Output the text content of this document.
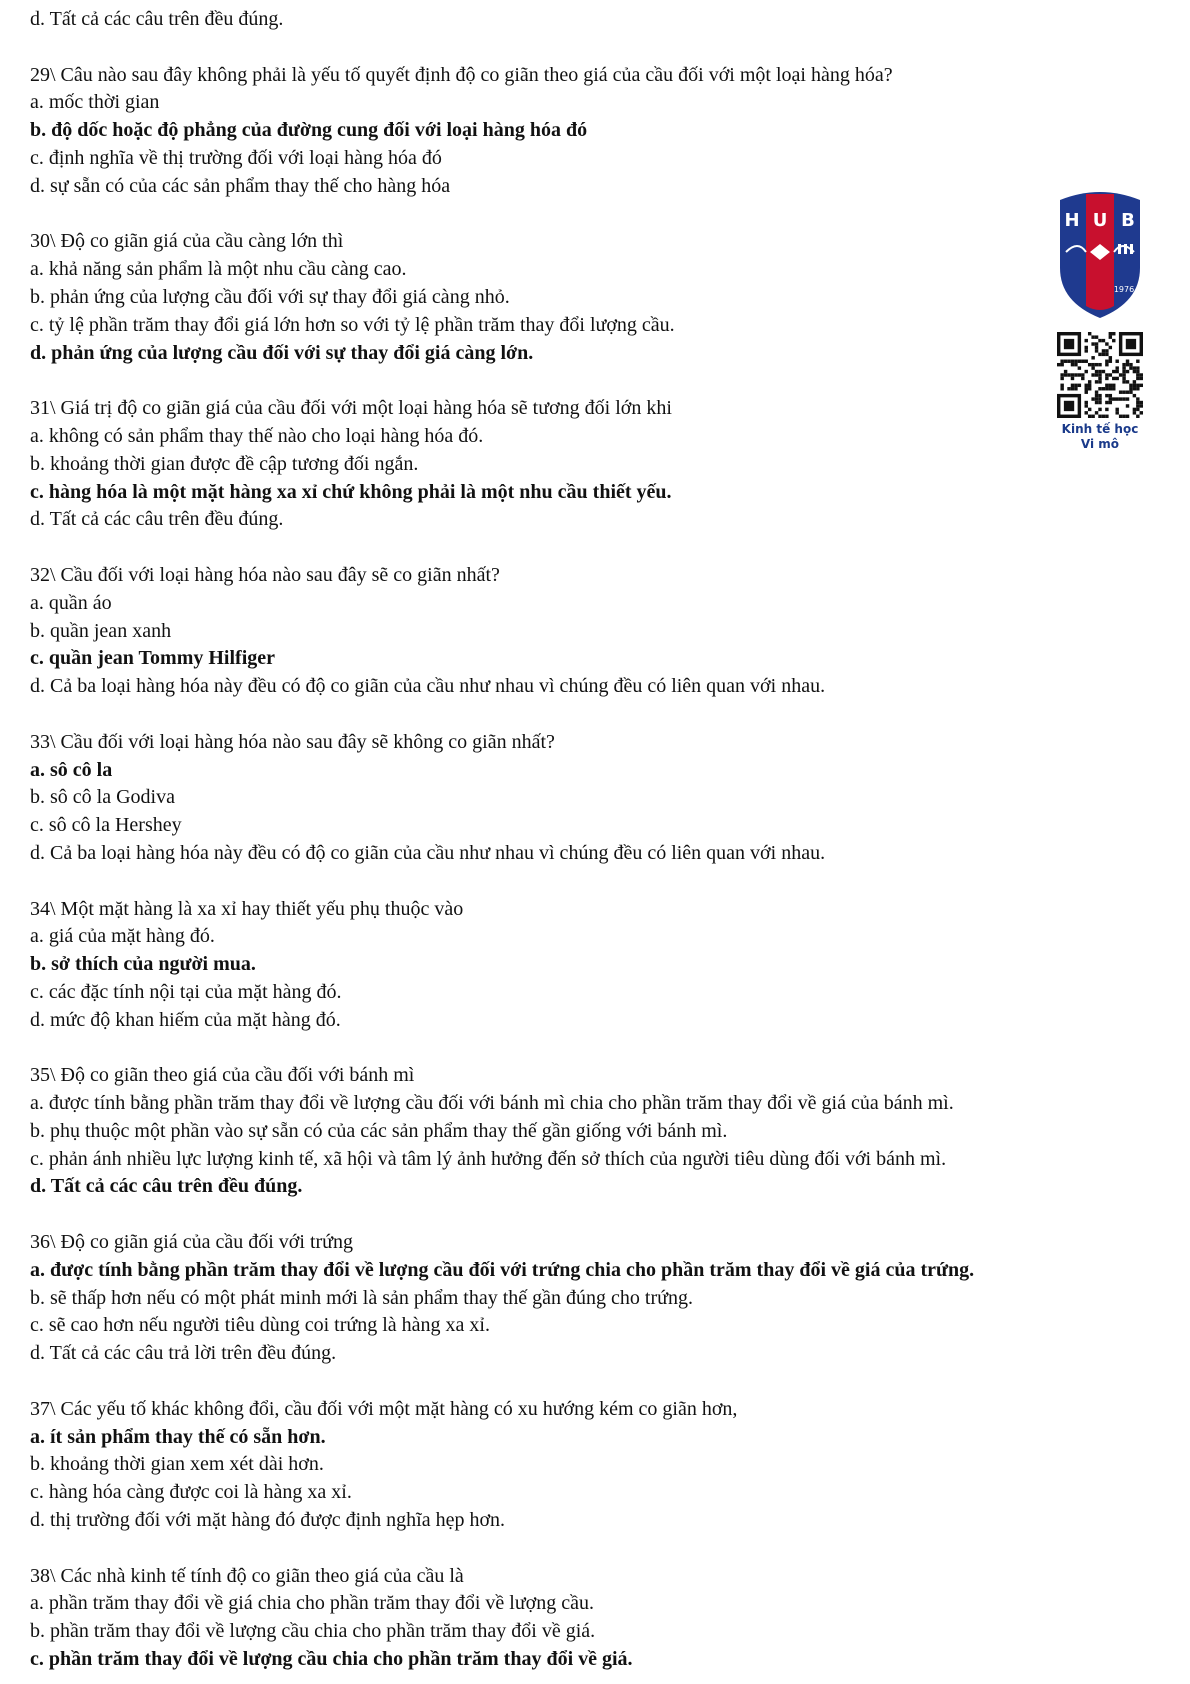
d. Tất cả các câu trên đều đúng.
29\ Câu nào sau đây không phải là yếu tố quyết định độ co giãn theo giá của cầu đối với một loại hàng hóa?
a. mốc thời gian
b. độ dốc hoặc độ phẳng của đường cung đối với loại hàng hóa đó
c. định nghĩa về thị trường đối với loại hàng hóa đó
d. sự sẵn có của các sản phẩm thay thế cho hàng hóa
30\ Độ co giãn giá của cầu càng lớn thì
a. khả năng sản phẩm là một nhu cầu càng cao.
b. phản ứng của lượng cầu đối với sự thay đổi giá càng nhỏ.
c. tỷ lệ phần trăm thay đổi giá lớn hơn so với tỷ lệ phần trăm thay đổi lượng cầu.
d. phản ứng của lượng cầu đối với sự thay đổi giá càng lớn.
31\ Giá trị độ co giãn giá của cầu đối với một loại hàng hóa sẽ tương đối lớn khi
a. không có sản phẩm thay thế nào cho loại hàng hóa đó.
b. khoảng thời gian được đề cập tương đối ngắn.
c. hàng hóa là một mặt hàng xa xỉ chứ không phải là một nhu cầu thiết yếu.
d. Tất cả các câu trên đều đúng.
32\ Cầu đối với loại hàng hóa nào sau đây sẽ co giãn nhất?
a. quần áo
b. quần jean xanh
c. quần jean Tommy Hilfiger
d. Cả ba loại hàng hóa này đều có độ co giãn của cầu như nhau vì chúng đều có liên quan với nhau.
33\ Cầu đối với loại hàng hóa nào sau đây sẽ không co giãn nhất?
a. sô cô la
b. sô cô la Godiva
c. sô cô la Hershey
d. Cả ba loại hàng hóa này đều có độ co giãn của cầu như nhau vì chúng đều có liên quan với nhau.
34\ Một mặt hàng là xa xỉ hay thiết yếu phụ thuộc vào
a. giá của mặt hàng đó.
b. sở thích của người mua.
c. các đặc tính nội tại của mặt hàng đó.
d. mức độ khan hiếm của mặt hàng đó.
35\ Độ co giãn theo giá của cầu đối với bánh mì
a. được tính bằng phần trăm thay đổi về lượng cầu đối với bánh mì chia cho phần trăm thay đổi về giá của bánh mì.
b. phụ thuộc một phần vào sự sẵn có của các sản phẩm thay thế gần giống với bánh mì.
c. phản ánh nhiều lực lượng kinh tế, xã hội và tâm lý ảnh hưởng đến sở thích của người tiêu dùng đối với bánh mì.
d. Tất cả các câu trên đều đúng.
36\ Độ co giãn giá của cầu đối với trứng
a. được tính bằng phần trăm thay đổi về lượng cầu đối với trứng chia cho phần trăm thay đổi về giá của trứng.
b. sẽ thấp hơn nếu có một phát minh mới là sản phẩm thay thế gần đúng cho trứng.
c. sẽ cao hơn nếu người tiêu dùng coi trứng là hàng xa xỉ.
d. Tất cả các câu trả lời trên đều đúng.
37\ Các yếu tố khác không đổi, cầu đối với một mặt hàng có xu hướng kém co giãn hơn,
a. ít sản phẩm thay thế có sẵn hơn.
b. khoảng thời gian xem xét dài hơn.
c. hàng hóa càng được coi là hàng xa xỉ.
d. thị trường đối với mặt hàng đó được định nghĩa hẹp hơn.
38\ Các nhà kinh tế tính độ co giãn theo giá của cầu là
a. phần trăm thay đổi về giá chia cho phần trăm thay đổi về lượng cầu.
b. phần trăm thay đổi về lượng cầu chia cho phần trăm thay đổi về giá.
c. phần trăm thay đổi về lượng cầu chia cho phần trăm thay đổi về giá.
H U B
1976
Kinh tế học
Vi mô
